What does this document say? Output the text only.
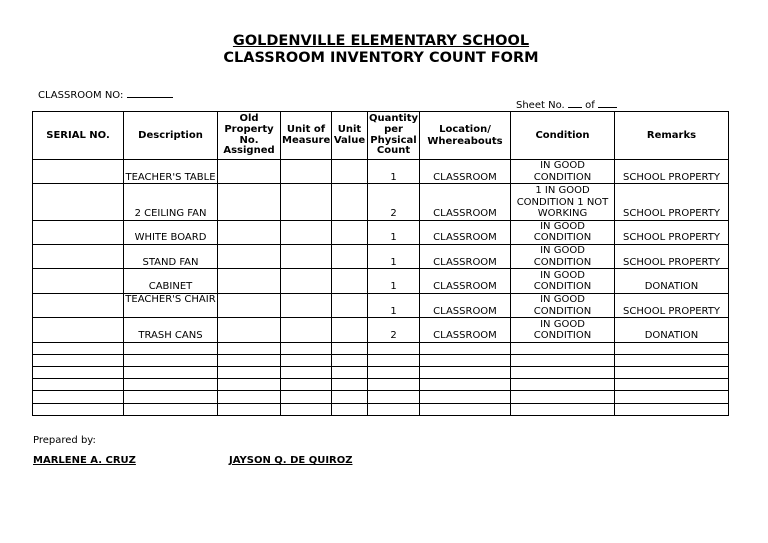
GOLDENVILLE ELEMENTARY SCHOOL
CLASSROOM INVENTORY COUNT FORM
CLASSROOM NO:
Sheet No. of
SERIAL NO.	Description	Old Property No. Assigned	Unit of Measure	Unit Value	Quantity per Physical Count	Location/ Whereabouts	Condition	Remarks
	TEACHER'S TABLE				1	CLASSROOM	IN GOOD CONDITION	SCHOOL PROPERTY
	2 CEILING FAN				2	CLASSROOM	1 IN GOOD CONDITION 1 NOT WORKING	SCHOOL PROPERTY
	WHITE BOARD				1	CLASSROOM	IN GOOD CONDITION	SCHOOL PROPERTY
	STAND FAN				1	CLASSROOM	IN GOOD CONDITION	SCHOOL PROPERTY
	CABINET				1	CLASSROOM	IN GOOD CONDITION	DONATION
	TEACHER'S CHAIR				1	CLASSROOM	IN GOOD CONDITION	SCHOOL PROPERTY
	TRASH CANS				2	CLASSROOM	IN GOOD CONDITION	DONATION

Prepared by:
MARLENE A. CRUZ	JAYSON Q. DE QUIROZ
